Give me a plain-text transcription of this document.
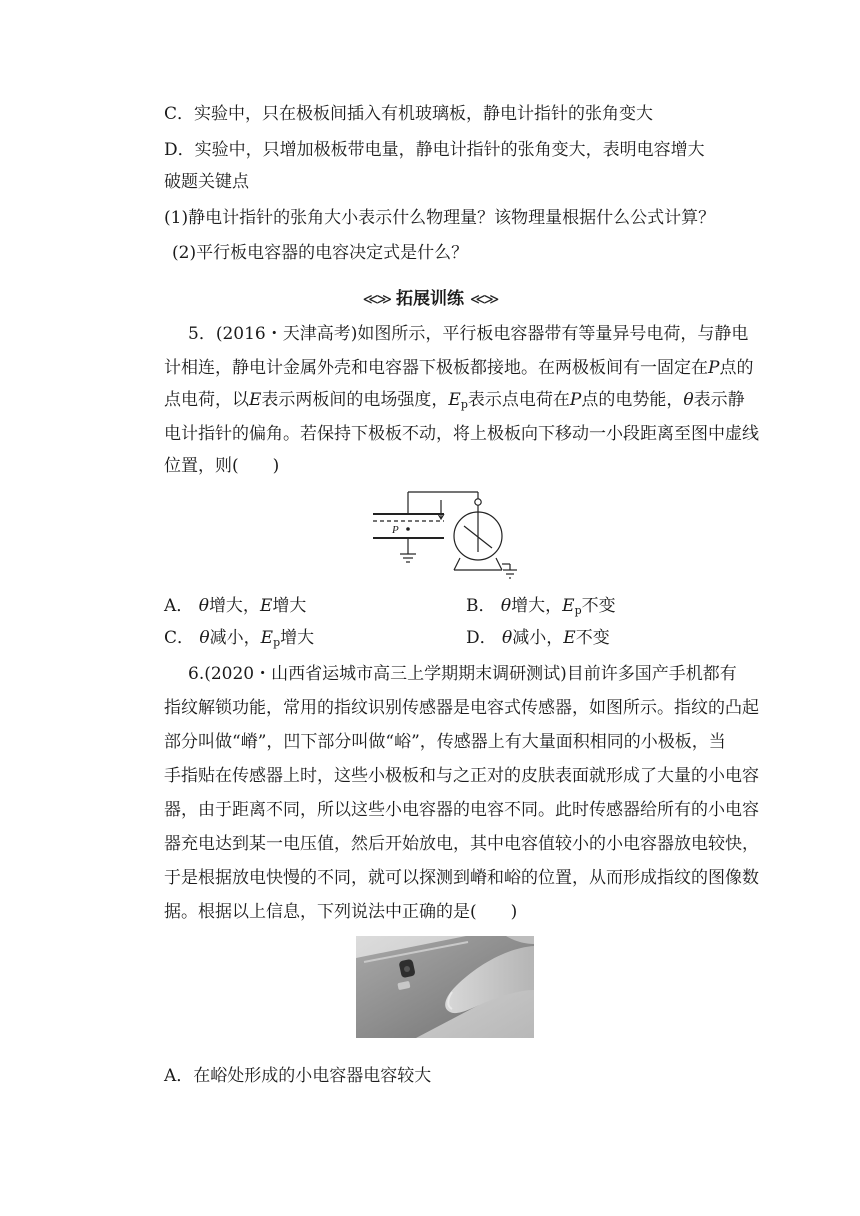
C．实验中，只在极板间插入有机玻璃板，静电计指针的张角变大
D．实验中，只增加极板带电量，静电计指针的张角变大，表明电容增大
破题关键点
(1)静电计指针的张角大小表示什么物理量？该物理量根据什么公式计算？
(2)平行板电容器的电容决定式是什么？
≪≫ 拓展训练 ≪≫
5．(2016・天津高考)如图所示，平行板电容器带有等量异号电荷，与静电
计相连，静电计金属外壳和电容器下极板都接地。在两极板间有一固定在P点的
点电荷，以E表示两板间的电场强度，$E_p$表示点电荷在P点的电势能，θ表示静
电计指针的偏角。若保持下极板不动，将上极板向下移动一小段距离至图中虚线
位置，则(　　)
P
A． θ增大，E增大	B． θ增大，$E_p$不变
C． θ减小，$E_p$增大	D． θ减小，E不变
6.(2020・山西省运城市高三上学期期末调研测试)目前许多国产手机都有
指纹解锁功能，常用的指纹识别传感器是电容式传感器，如图所示。指纹的凸起
部分叫做“嵴”，凹下部分叫做“峪”，传感器上有大量面积相同的小极板，当
手指贴在传感器上时，这些小极板和与之正对的皮肤表面就形成了大量的小电容
器，由于距离不同，所以这些小电容器的电容不同。此时传感器给所有的小电容
器充电达到某一电压值，然后开始放电，其中电容值较小的小电容器放电较快，
于是根据放电快慢的不同，就可以探测到嵴和峪的位置，从而形成指纹的图像数
据。根据以上信息，下列说法中正确的是(　　)
A．在峪处形成的小电容器电容较大
